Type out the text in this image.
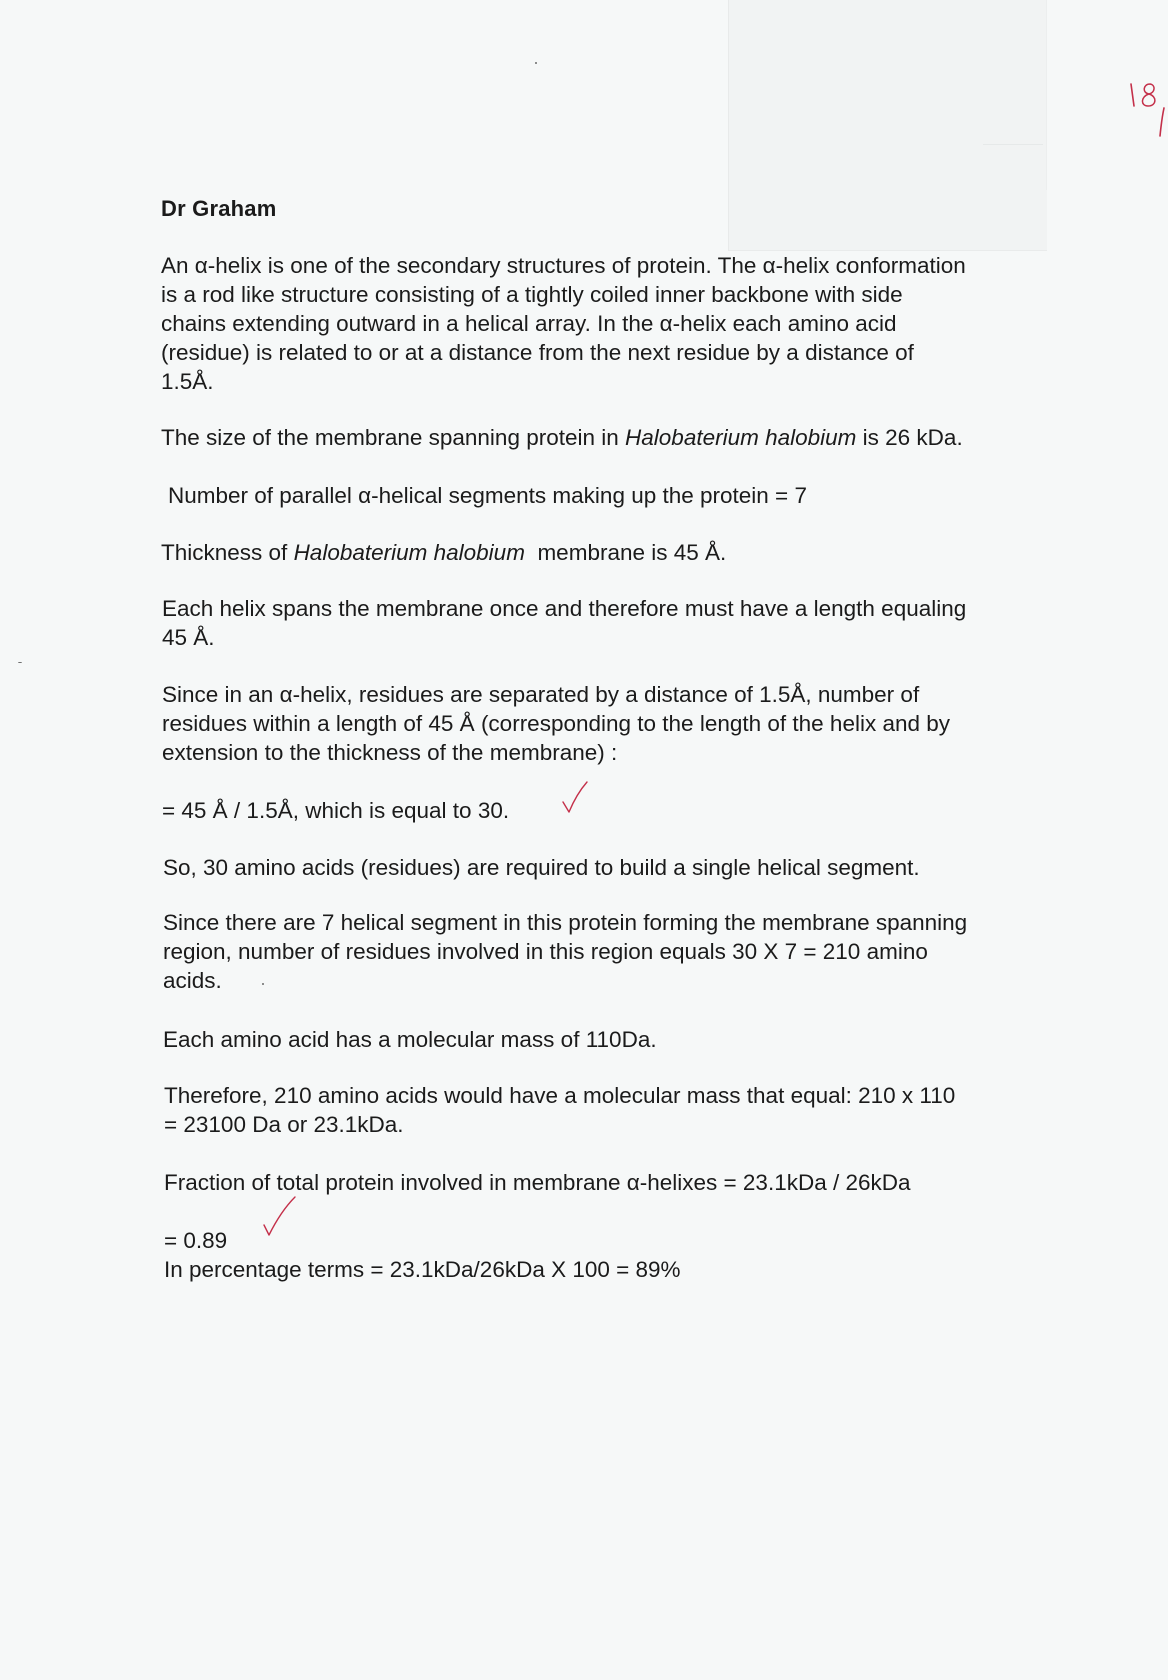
Dr Graham
An α-helix is one of the secondary structures of protein. The α-helix conformation
is a rod like structure consisting of a tightly coiled inner backbone with side
chains extending outward in a helical array. In the α-helix each amino acid
(residue) is related to or at a distance from the next residue by a distance of
1.5Å.
The size of the membrane spanning protein in Halobaterium halobium is 26 kDa.
Number of parallel α-helical segments making up the protein = 7
Thickness of Halobaterium halobium  membrane is 45 Å.
Each helix spans the membrane once and therefore must have a length equaling
45 Å.
Since in an α-helix, residues are separated by a distance of 1.5Å, number of
residues within a length of 45 Å (corresponding to the length of the helix and by
extension to the thickness of the membrane) :
= 45 Å / 1.5Å, which is equal to 30.
So, 30 amino acids (residues) are required to build a single helical segment.
Since there are 7 helical segment in this protein forming the membrane spanning
region, number of residues involved in this region equals 30 X 7 = 210 amino
acids.
Each amino acid has a molecular mass of 110Da.
Therefore, 210 amino acids would have a molecular mass that equal: 210 x 110
= 23100 Da or 23.1kDa.
Fraction of total protein involved in membrane α-helixes = 23.1kDa / 26kDa
= 0.89
In percentage terms = 23.1kDa/26kDa X 100 = 89%
